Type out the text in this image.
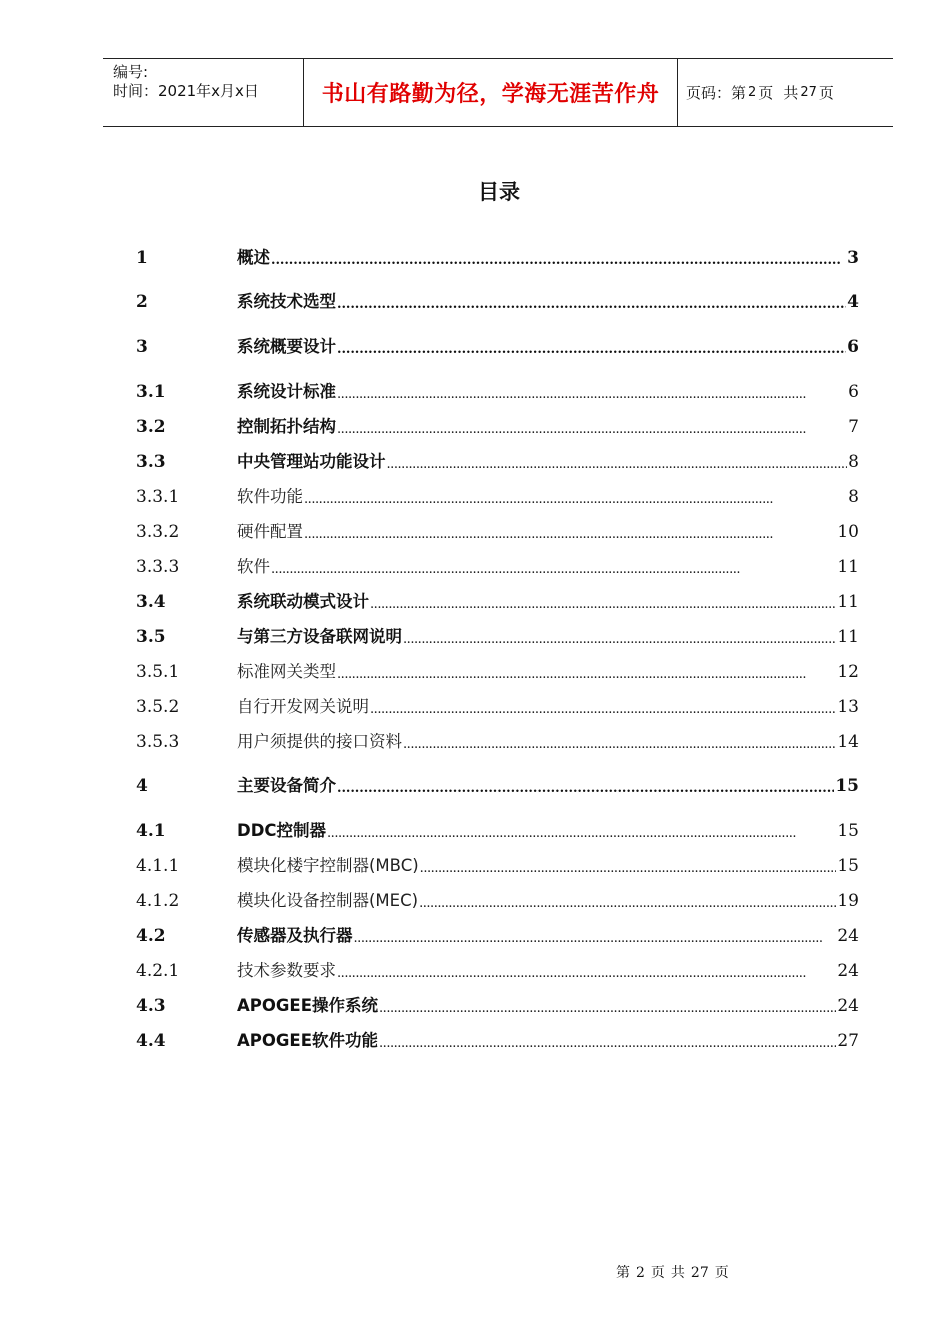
编号:
时间：2021年x月x日	书山有路勤为径，学海无涯苦作舟	页码：第 2 页 共 27 页
目录
1	概述 . . .	3
2	系统技术选型 . . .	4
3	系统概要设计 . . .	6
3.1	系统设计标准 . . .	6
3.2	控制拓扑结构 . . .	7
3.3	中央管理站功能设计 . . .	8
3.3.1	软件功能 . . .	8
3.3.2	硬件配置 . . .	10
3.3.3	软件 . . .	11
3.4	系统联动模式设计 . . .	11
3.5	与第三方设备联网说明 . . .	11
3.5.1	标准网关类型 . . .	12
3.5.2	自行开发网关说明 . . .	13
3.5.3	用户须提供的接口资料 . . .	14
4	主要设备简介 . . .	15
4.1	DDC控制器 . . .	15
4.1.1	模块化楼宇控制器(MBC) . . .	15
4.1.2	模块化设备控制器(MEC) . . .	19
4.2	传感器及执行器 . . .	24
4.2.1	技术参数要求 . . .	24
4.3	APOGEE操作系统 . . .	24
4.4	APOGEE软件功能 . . .	27
第 2 页 共 27 页
